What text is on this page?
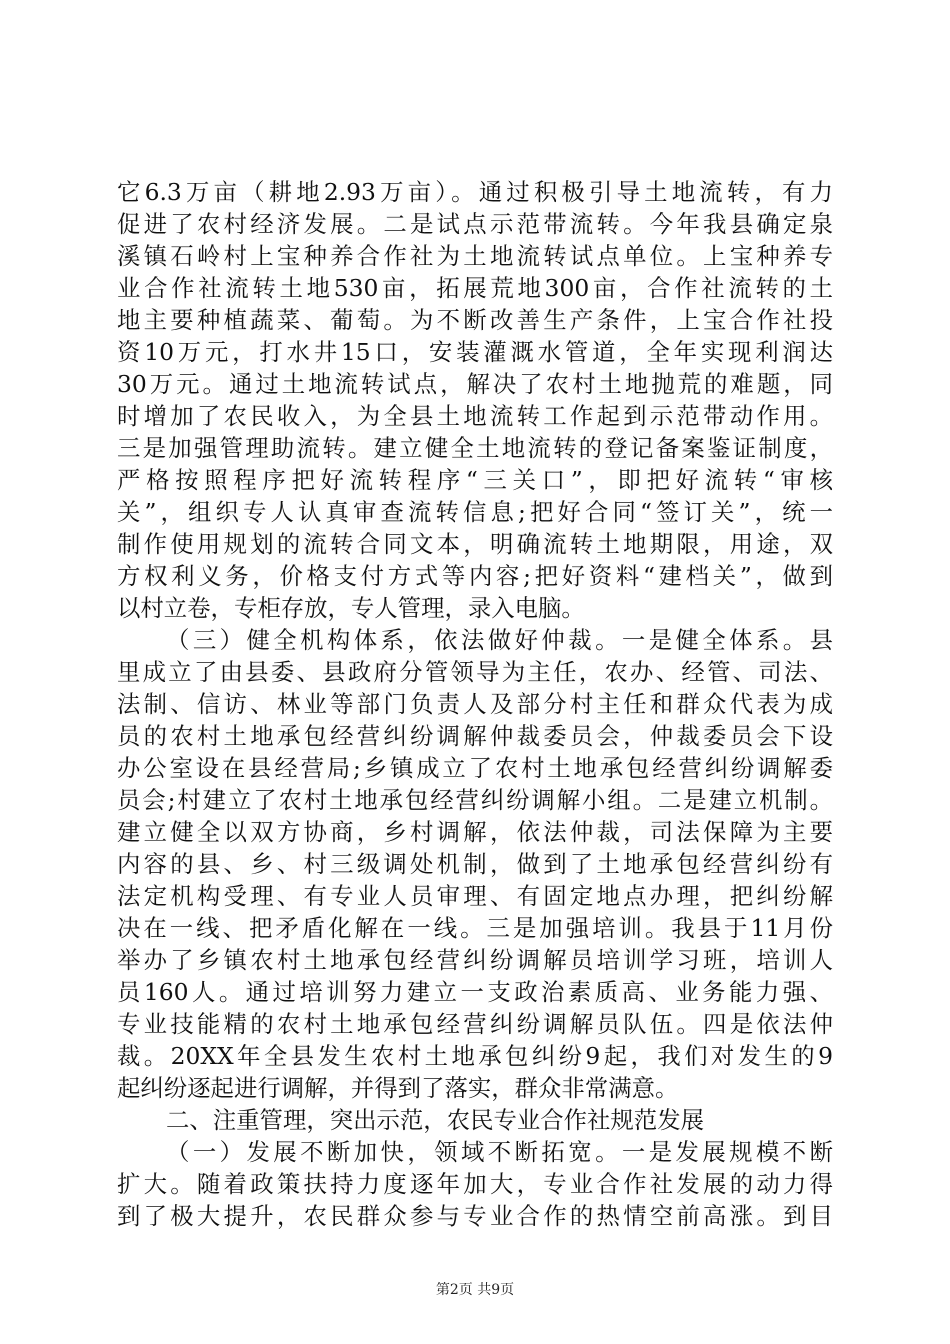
它6.3万亩（耕地2.93万亩）。通过积极引导土地流转，有力
促进了农村经济发展。二是试点示范带流转。今年我县确定泉
溪镇石岭村上宝种养合作社为土地流转试点单位。上宝种养专
业合作社流转土地530亩，拓展荒地300亩，合作社流转的土
地主要种植蔬菜、葡萄。为不断改善生产条件，上宝合作社投
资10万元，打水井15口，安装灌溉水管道，全年实现利润达
30万元。通过土地流转试点，解决了农村土地抛荒的难题，同
时增加了农民收入，为全县土地流转工作起到示范带动作用。
三是加强管理助流转。建立健全土地流转的登记备案鉴证制度，
严格按照程序把好流转程序“三关口”，即把好流转“审核
关”，组织专人认真审查流转信息;把好合同“签订关”，统一
制作使用规划的流转合同文本，明确流转土地期限，用途，双
方权利义务，价格支付方式等内容;把好资料“建档关”，做到
以村立卷，专柜存放，专人管理，录入电脑。
（三）健全机构体系，依法做好仲裁。一是健全体系。县
里成立了由县委、县政府分管领导为主任，农办、经管、司法、
法制、信访、林业等部门负责人及部分村主任和群众代表为成
员的农村土地承包经营纠纷调解仲裁委员会，仲裁委员会下设
办公室设在县经营局;乡镇成立了农村土地承包经营纠纷调解委
员会;村建立了农村土地承包经营纠纷调解小组。二是建立机制。
建立健全以双方协商，乡村调解，依法仲裁，司法保障为主要
内容的县、乡、村三级调处机制，做到了土地承包经营纠纷有
法定机构受理、有专业人员审理、有固定地点办理，把纠纷解
决在一线、把矛盾化解在一线。三是加强培训。我县于11月份
举办了乡镇农村土地承包经营纠纷调解员培训学习班，培训人
员160人。通过培训努力建立一支政治素质高、业务能力强、
专业技能精的农村土地承包经营纠纷调解员队伍。四是依法仲
裁。20XX年全县发生农村土地承包纠纷9起，我们对发生的9
起纠纷逐起进行调解，并得到了落实，群众非常满意。
二、注重管理，突出示范，农民专业合作社规范发展
（一）发展不断加快，领域不断拓宽。一是发展规模不断
扩大。随着政策扶持力度逐年加大，专业合作社发展的动力得
到了极大提升，农民群众参与专业合作的热情空前高涨。到目
第2页 共9页
